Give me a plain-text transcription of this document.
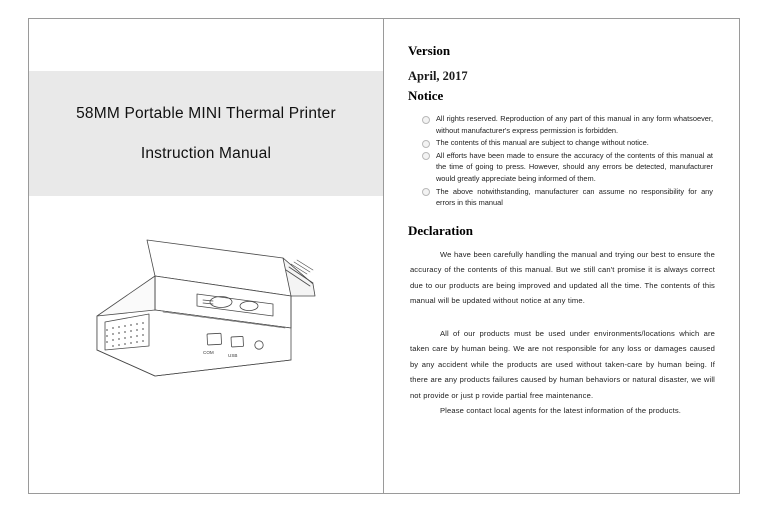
58MM Portable MINI Thermal Printer
Instruction Manual
COM
USB
Version
April, 2017
Notice
All rights reserved. Reproduction of any part of this manual in any form whatsoever, without manufacturer's express permission is forbidden.
The contents of this manual are subject to change without notice.
All efforts have been made to ensure the accuracy of the contents of this manual at the time of going to press. However, should any errors be detected, manufacturer would greatly appreciate being informed of them.
The above notwithstanding, manufacturer can assume no responsibility for any errors in this manual
Declaration

We have been carefully handling the manual and trying our best to ensure the accuracy of the contents of this manual. But we still can't promise it is always correct due to our products are being improved and updated all the time. The contents of this manual will be updated without notice at any time.

All of our products must be used under environments/locations which are taken care by human being. We are not responsible for any loss or damages caused by any accident while the products are used without taken-care by human being. If there are any products failures caused by human behaviors or natural disaster, we will not provide or just p rovide partial free maintenance.

Please contact local agents for the latest information of the products.
